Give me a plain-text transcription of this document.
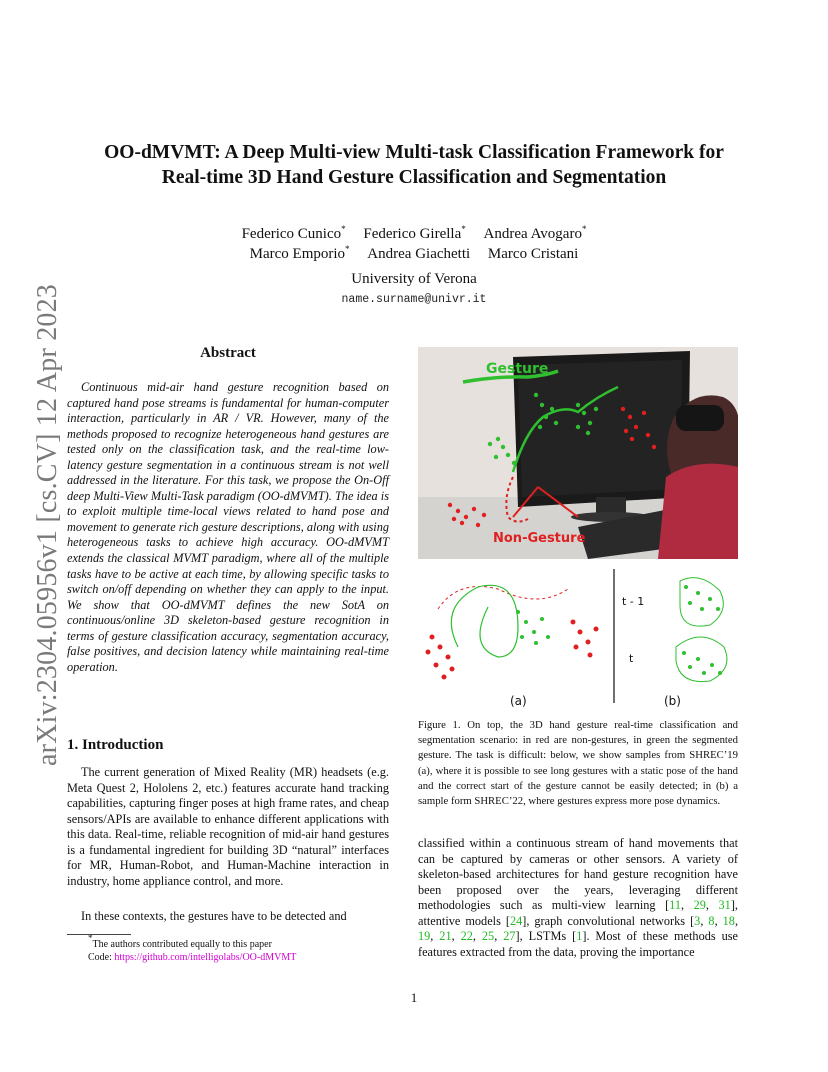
arXiv:2304.05956v1 [cs.CV] 12 Apr 2023
OO-dMVMT: A Deep Multi-view Multi-task Classification Framework for
Real-time 3D Hand Gesture Classification and Segmentation
Federico Cunico* Federico Girella* Andrea Avogaro*
Marco Emporio* Andrea Giachetti Marco Cristani
University of Verona
name.surname@univr.it
Abstract
Continuous mid-air hand gesture recognition based on captured hand pose streams is fundamental for human-computer interaction, particularly in AR / VR. However, many of the methods proposed to recognize heterogeneous hand gestures are tested only on the classification task, and the real-time low-latency gesture segmentation in a continuous stream is not well addressed in the literature. For this task, we propose the On-Off deep Multi-View Multi-Task paradigm (OO-dMVMT). The idea is to exploit multiple time-local views related to hand pose and movement to generate rich gesture descriptions, along with using heterogeneous tasks to achieve high accuracy. OO-dMVMT extends the classical MVMT paradigm, where all of the multiple tasks have to be active at each time, by allowing specific tasks to switch on/off depending on whether they can apply to the input. We show that OO-dMVMT defines the new SotA on continuous/online 3D skeleton-based gesture recognition in terms of gesture classification accuracy, segmentation accuracy, false positives, and decision latency while maintaining real-time operation.
1. Introduction
The current generation of Mixed Reality (MR) headsets (e.g. Meta Quest 2, Hololens 2, etc.) features accurate hand tracking capabilities, capturing finger poses at high frame rates, and cheap sensors/APIs are available to enhance different applications with this data. Real-time, reliable recognition of mid-air hand gestures is a fundamental ingredient for building 3D “natural” interfaces for MR, Human-Robot, and Human-Machine interaction in industry, home appliance control, and more.
In these contexts, the gestures have to be detected and
*The authors contributed equally to this paper
Code: https://github.com/intelligolabs/OO-dMVMT
Gesture
Non-Gesture
t - 1
t
(a)	(b)
Figure 1. On top, the 3D hand gesture real-time classification and segmentation scenario: in red are non-gestures, in green the segmented gesture. The task is difficult: below, we show samples from SHREC’19 (a), where it is possible to see long gestures with a static pose of the hand and the correct start of the gesture cannot be easily detected; in (b) a sample form SHREC’22, where gestures express more pose dynamics.
classified within a continuous stream of hand movements that can be captured by cameras or other sensors. A variety of skeleton-based architectures for hand gesture recognition have been proposed over the years, leveraging different methodologies such as multi-view learning [11, 29, 31], attentive models [24], graph convolutional networks [3, 8, 18, 19, 21, 22, 25, 27], LSTMs [1]. Most of these methods use features extracted from the data, proving the importance
1
